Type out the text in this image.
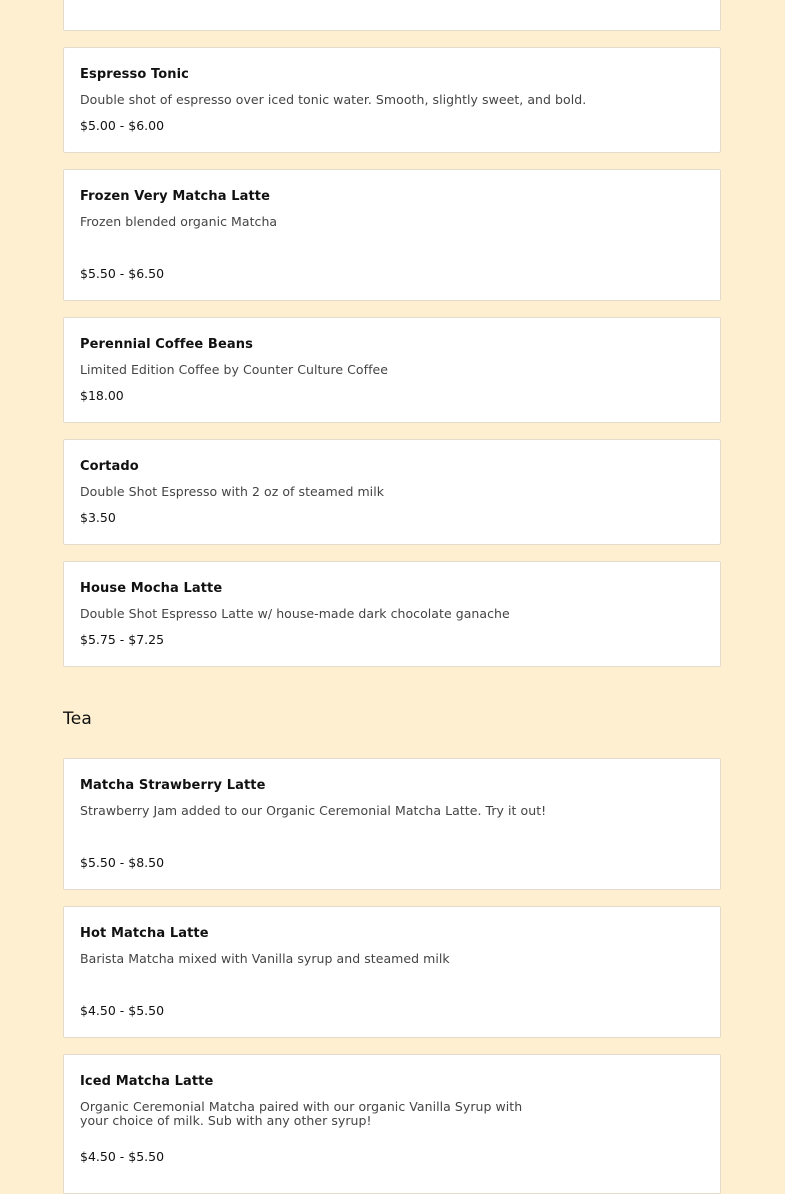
Espresso Tonic
Double shot of espresso over iced tonic water. Smooth, slightly sweet, and bold.
$5.00 - $6.00
Frozen Very Matcha Latte
Frozen blended organic Matcha
$5.50 - $6.50
Perennial Coffee Beans
Limited Edition Coffee by Counter Culture Coffee
$18.00
Cortado
Double Shot Espresso with 2 oz of steamed milk
$3.50
House Mocha Latte
Double Shot Espresso Latte w/ house-made dark chocolate ganache
$5.75 - $7.25
Tea
Matcha Strawberry Latte
Strawberry Jam added to our Organic Ceremonial Matcha Latte. Try it out!
$5.50 - $8.50
Hot Matcha Latte
Barista Matcha mixed with Vanilla syrup and steamed milk
$4.50 - $5.50
Iced Matcha Latte
Organic Ceremonial Matcha paired with our organic Vanilla Syrup with your choice of milk. Sub with any other syrup!
$4.50 - $5.50
